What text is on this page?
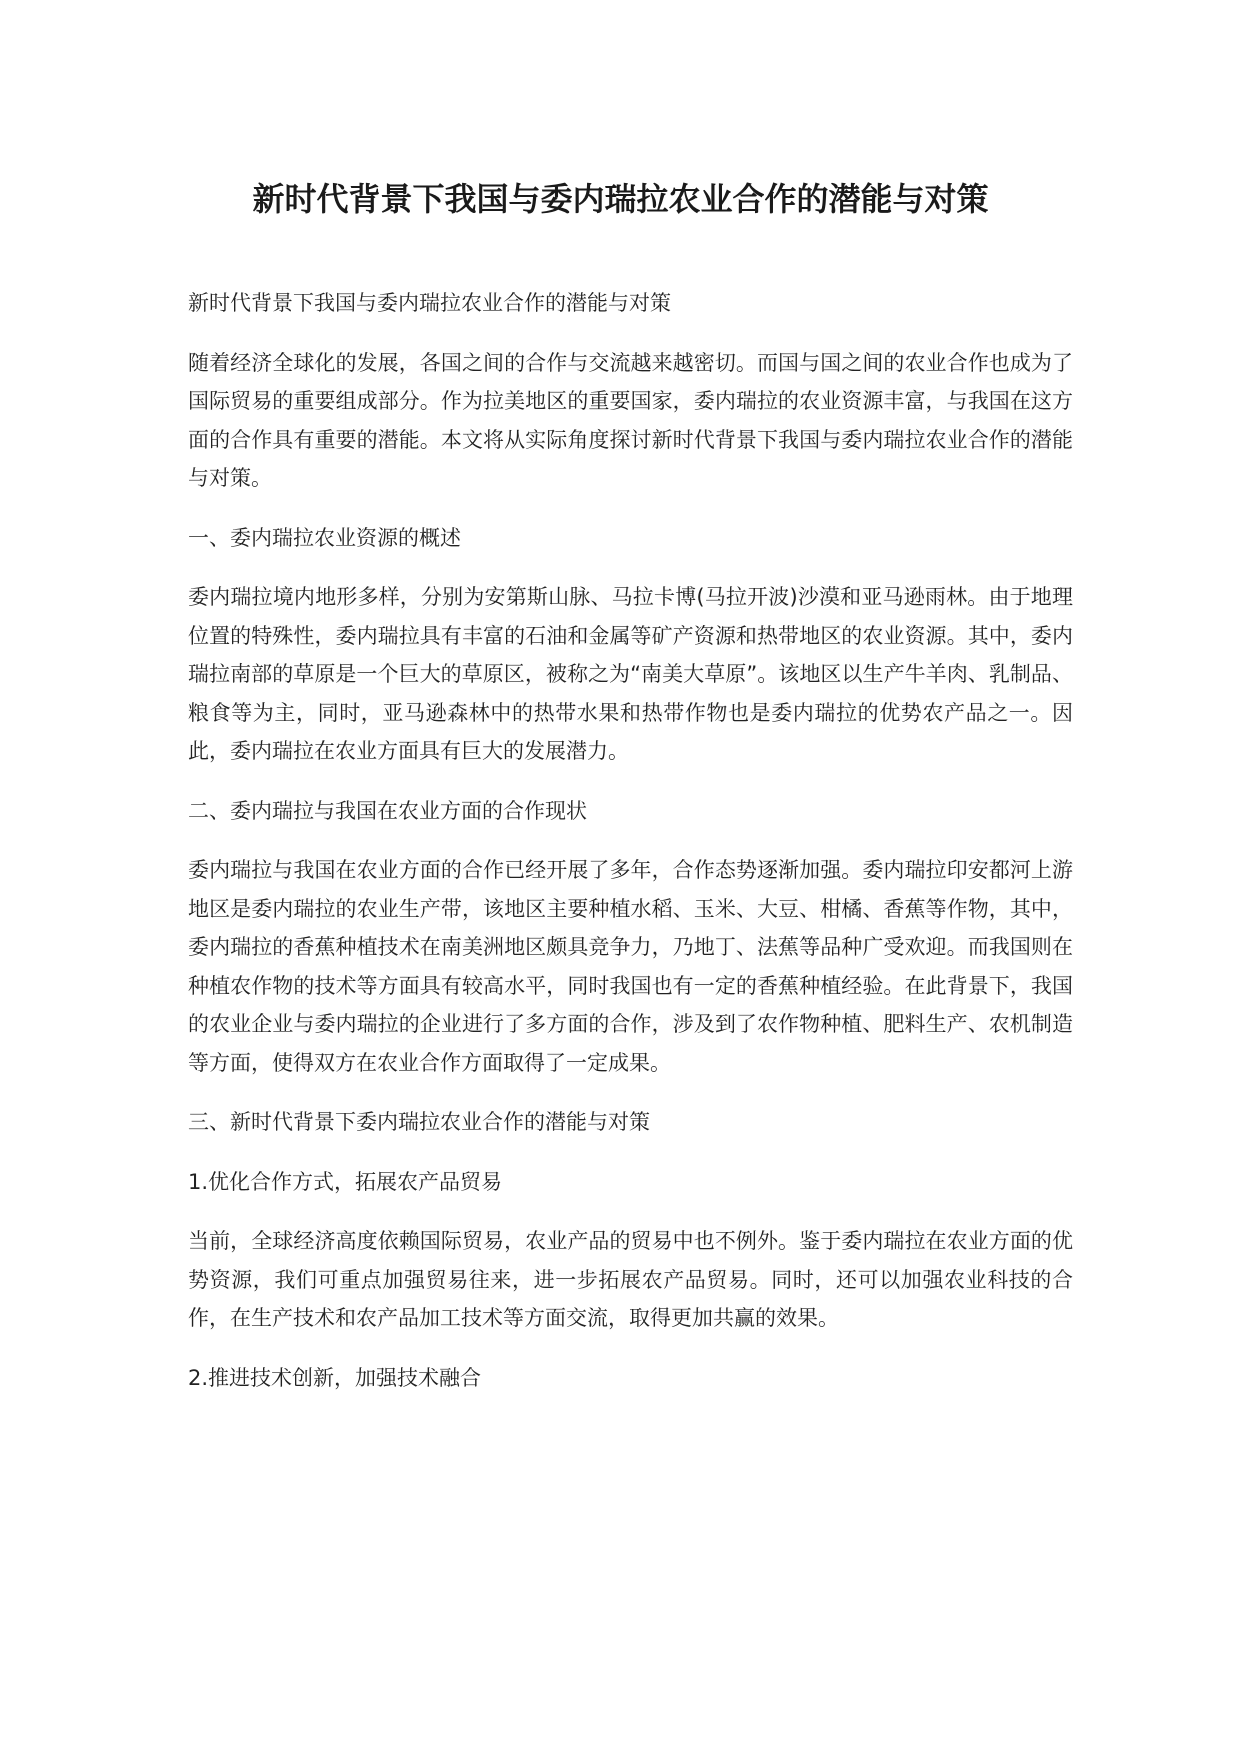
新时代背景下我国与委内瑞拉农业合作的潜能与对策

新时代背景下我国与委内瑞拉农业合作的潜能与对策

随着经济全球化的发展，各国之间的合作与交流越来越密切。而国与国之间的农业合作也成为了国际贸易的重要组成部分。作为拉美地区的重要国家，委内瑞拉的农业资源丰富，与我国在这方面的合作具有重要的潜能。本文将从实际角度探讨新时代背景下我国与委内瑞拉农业合作的潜能与对策。

一、委内瑞拉农业资源的概述

委内瑞拉境内地形多样，分别为安第斯山脉、马拉卡博(马拉开波)沙漠和亚马逊雨林。由于地理位置的特殊性，委内瑞拉具有丰富的石油和金属等矿产资源和热带地区的农业资源。其中，委内瑞拉南部的草原是一个巨大的草原区，被称之为“南美大草原”。该地区以生产牛羊肉、乳制品、粮食等为主，同时，亚马逊森林中的热带水果和热带作物也是委内瑞拉的优势农产品之一。因此，委内瑞拉在农业方面具有巨大的发展潜力。

二、委内瑞拉与我国在农业方面的合作现状

委内瑞拉与我国在农业方面的合作已经开展了多年，合作态势逐渐加强。委内瑞拉印安都河上游地区是委内瑞拉的农业生产带，该地区主要种植水稻、玉米、大豆、柑橘、香蕉等作物，其中，委内瑞拉的香蕉种植技术在南美洲地区颇具竞争力，乃地丁、法蕉等品种广受欢迎。而我国则在种植农作物的技术等方面具有较高水平，同时我国也有一定的香蕉种植经验。在此背景下，我国的农业企业与委内瑞拉的企业进行了多方面的合作，涉及到了农作物种植、肥料生产、农机制造等方面，使得双方在农业合作方面取得了一定成果。

三、新时代背景下委内瑞拉农业合作的潜能与对策

1.优化合作方式，拓展农产品贸易

当前，全球经济高度依赖国际贸易，农业产品的贸易中也不例外。鉴于委内瑞拉在农业方面的优势资源，我们可重点加强贸易往来，进一步拓展农产品贸易。同时，还可以加强农业科技的合作，在生产技术和农产品加工技术等方面交流，取得更加共赢的效果。

2.推进技术创新，加强技术融合
